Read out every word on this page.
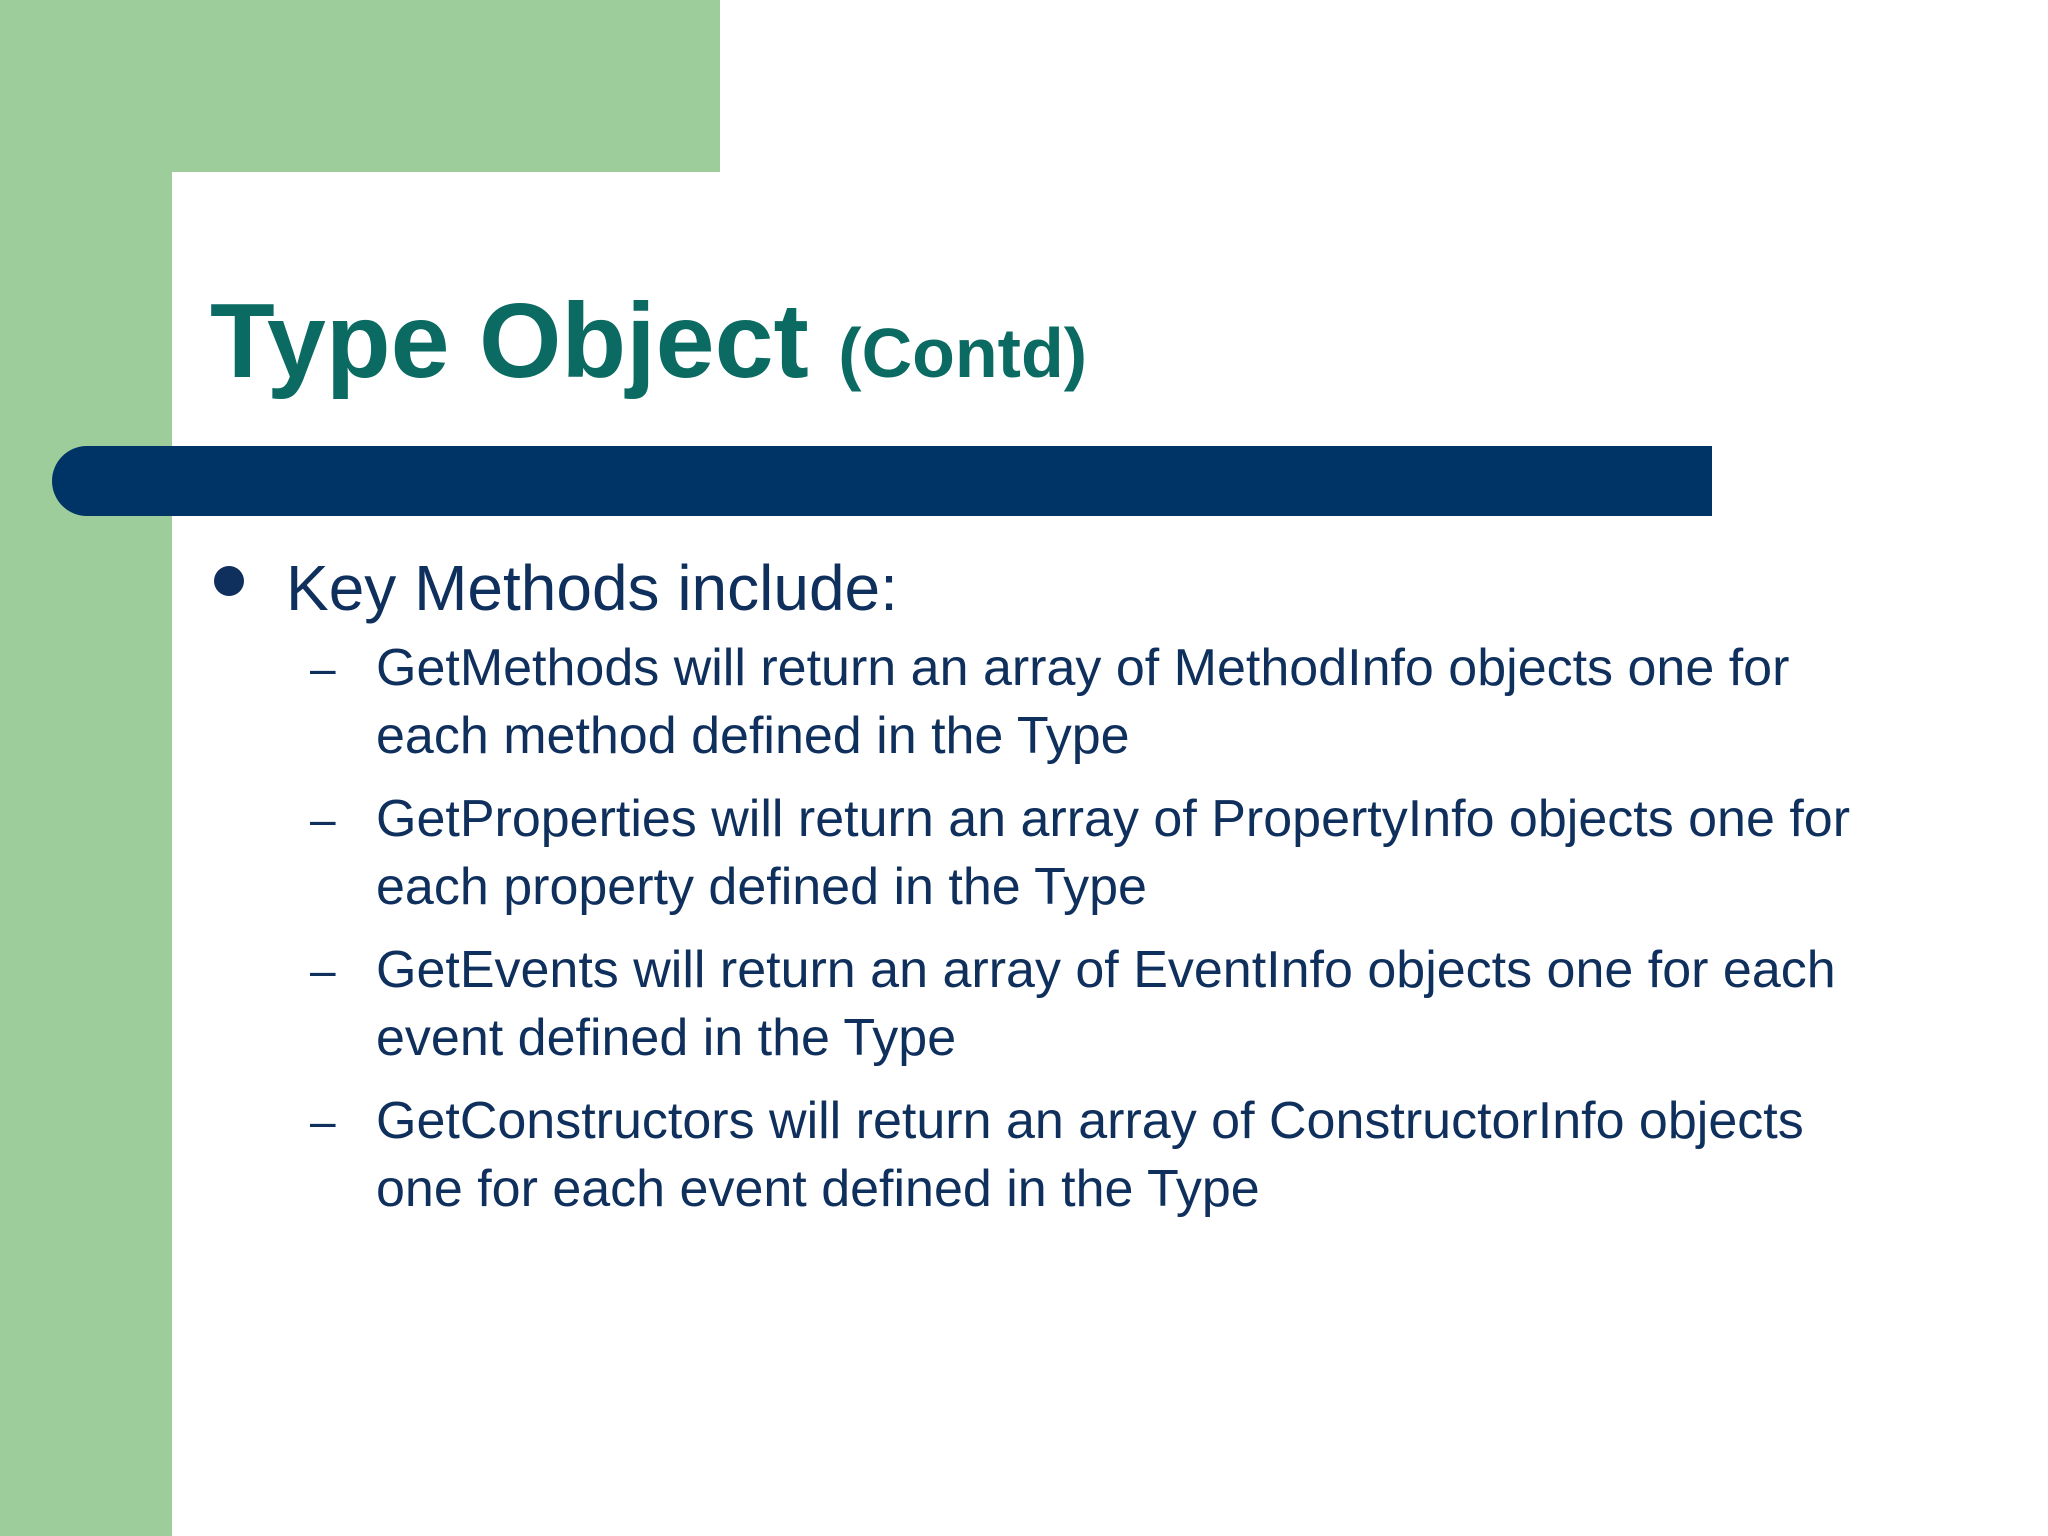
Type Object (Contd)
Key Methods include:
– GetMethods will return an array of MethodInfo objects one for each method defined in the Type
– GetProperties will return an array of PropertyInfo objects one for each property defined in the Type
– GetEvents will return an array of EventInfo objects one for each event defined in the Type
– GetConstructors will return an array of ConstructorInfo objects one for each event defined in the Type
